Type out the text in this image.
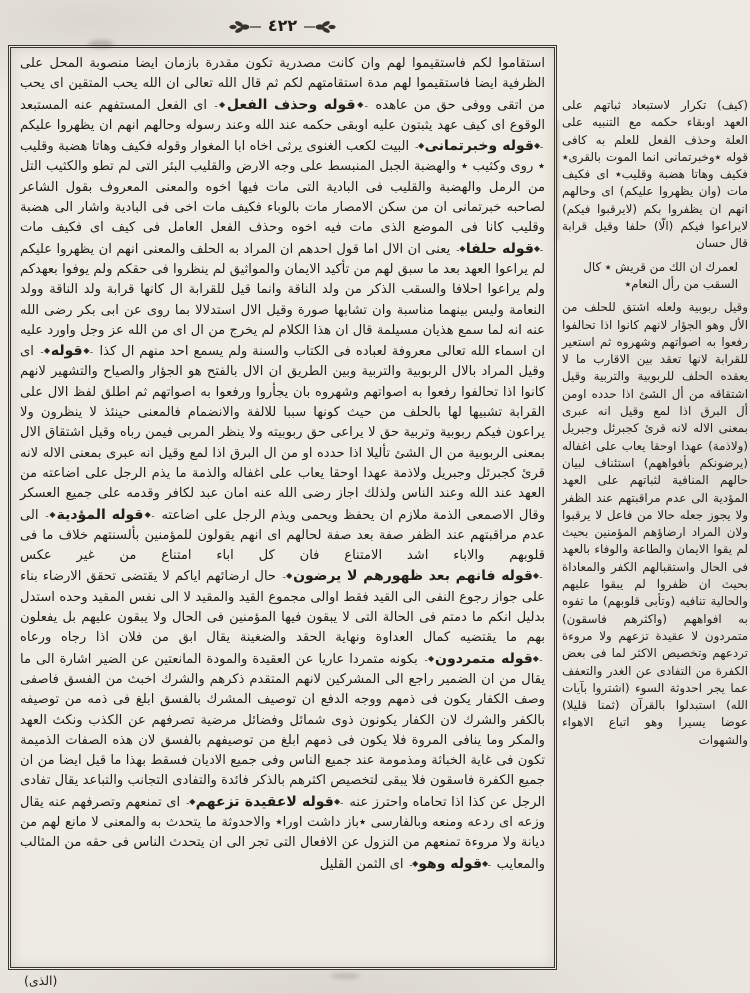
٤٢٢
استقاموا لكم فاستقيموا لهم وان كانت مصدرية تكون مقدرة بازمان ايضا منصوبة المحل على الظرفية ايضا فاستقيموا لهم مدة استقامتهم لكم ثم قال الله تعالى ان الله يحب المتقين اى يحب من اتقى ووفى حق من عاهده ـ◆قوله وحذف الفعل◆ـ اى الفعل المستفهم عنه المستبعد الوقوع اى كيف عهد يثبتون عليه اوبقى حكمه عند الله وعند رسوله وحالهم انهم ان يظهروا عليكم ـ◆قوله وخبرتمانى◆ـ البيت لكعب الغنوى يرثى اخاه ابا المغوار وقوله فكيف وهاتا هضبة وقليب ٭ روى وكثيب ٭ والهضبة الجبل المنبسط على وجه الارض والقليب البئر التى لم تطو والكثيب التل من الرمل والهضبة والقليب فى البادية التى مات فيها اخوه والمعنى المعروف بقول الشاعر لصاحبه خبرتمانى ان من سكن الامصار مات بالوباء فكيف مات اخى فى البادية واشار الى هضبة وقليب كانا فى الموضع الذى مات فيه اخوه وحذف الفعل العامل فى كيف اى فكيف مات ـ◆قوله حلفا◆ـ يعنى ان الال اما قول احدهم ان المراد به الحلف والمعنى انهم ان يظهروا عليكم لم يراعوا العهد بعد ما سبق لهم من تأكيد الايمان والمواثيق لم ينظروا فى حقكم ولم يوفوا بعهدكم ولم يراعوا احلافا والسقب الذكر من ولد الناقة وانما قيل للقرابة ال كانها قرابة ولد الناقة وولد النعامة وليس بينهما مناسبة وان تشابها صورة وقيل الال استدلالا بما روى عن ابى بكر رضى الله عنه انه لما سمع هذيان مسيلمة قال ان هذا الكلام لم يخرج من ال اى من الله عز وجل واورد عليه ان اسماء الله تعالى معروفة لعباده فى الكتاب والسنة ولم يسمع احد منهم ال كذا ـ◆قوله◆ـ اى وقيل المراد بالال الربوبية والتربية وبين الطريق ان الال بالفتح هو الجؤار والصياح والتشهير لانهم كانوا اذا تحالفوا رفعوا به اصواتهم وشهروه بان يجأروا ورفعوا به اصواتهم ثم اطلق لفظ الال على القرابة تشبيها لها بالحلف من حيث كونها سببا للالفة والانضمام فالمعنى حينئذ لا ينظرون ولا يراعون فيكم ربوبية وتربية حق لا يراعى حق ربوبيته ولا ينظر المربى فيمن رباه وقيل اشتقاق الال بمعنى الربوبية من ال الشئ تأليلا اذا حدده او من ال البرق اذا لمع وقيل انه عبرى بمعنى الاله لانه قرئ كجبرئل وجبريل ولاذمة عهدا اوحقا يعاب على اغفاله والذمة ما يذم الرجل على اضاعته من العهد عند الله وعند الناس ولذلك اجاز رضى الله عنه امان عبد لكافر وقدمه على جميع العسكر وقال الاصمعى الذمة ملازم ان يحفظ ويحمى ويذم الرجل على اضاعته ـ◆قوله المؤدية◆ـ الى عدم مراقبتهم عند الظفر صفة بعد صفة لحالهم اى انهم يقولون للمؤمنين بألسنتهم خلاف ما فى قلوبهم والاباء اشد الامتناع فان كل اباء امتناع من غير عكس ـ◆قوله فانهم بعد ظهورهم لا يرضون◆ـ حال ارضائهم اياكم لا يقتضى تحقق الارضاء بناء على جواز رجوع النفى الى القيد فقط اوالى مجموع القيد والمقيد لا الى نفس المقيد وحده استدل بدليل انكم ما دمتم فى الحالة التى لا يبقون فيها المؤمنين فى الحال ولا يبقون عليهم بل يفعلون بهم ما يقتضيه كمال العداوة ونهاية الحقد والضغينة يقال ابق من فلان اذا رجاه ورعاه ـ◆قوله متمردون◆ـ بكونه متمردا عاريا عن العقيدة والمودة المانعتين عن الضير اشارة الى ما يقال من ان الضمير راجع الى المشركين لانهم المتقدم ذكرهم والشرك اخبث من الفسق فاصفى وصف الكفار يكون فى ذمهم ووجه الدفع ان توصيف المشرك بالفسق ابلغ فى ذمه من توصيفه بالكفر والشرك لان الكفار يكونون ذوى شمائل وفضائل مرضية تصرفهم عن الكذب ونكث العهد والمكر وما ينافى المروة فلا يكون فى ذمهم ابلغ من توصيفهم بالفسق لان هذه الصفات الذميمة تكون فى غاية الخباثة ومذمومة عند جميع الناس وفى جميع الاديان فسقط بهذا ما قيل ايضا من ان جميع الكفرة فاسقون فلا يبقى لتخصيص اكثرهم بالذكر فائدة والتفادى التجانب والتباعد يقال تفادى الرجل عن كذا اذا تحاماه واحترز عنه ـ◆قوله لاعقيدة تزعهم◆ـ اى تمنعهم وتصرفهم عنه يقال وزعه اى ردعه ومنعه وبالفارسى ٭باز داشت اورا٭ والاحدوثة ما يتحدث به والمعنى لا مانع لهم من ديانة ولا مروءة تمنعهم من النزول عن الافعال التى تجر الى ان يتحدث الناس فى حقه من المثالب والمعايب ـ◆قوله وهو◆ـ اى الثمن القليل
(كيف) تكرار لاستبعاد ثباتهم على العهد اوبقاء حكمه مع التنبيه على العلة وحذف الفعل للعلم به كافى قوله ٭وخبرتمانى انما الموت بالقرى٭ فكيف وهاتا هضبة وقليب٭ اى فكيف مات (وان يظهروا عليكم) اى وحالهم انهم ان يظفروا بكم (لايرقبوا فيكم) لايراعوا فيكم (الّا) حلفا وقيل قرابة قال حسان
لعمرك ان الك من قريش ٭ كال السقب من رأل النعام٭
وقيل ربوبية ولعله اشتق للحلف من الأل وهو الجؤار لانهم كانوا اذا تحالفوا رفعوا به اصواتهم وشهروه ثم استعير للقرابة لانها تعقد بين الاقارب ما لا يعقده الحلف للربوبية والتربية وقيل اشتقاقه من أل الشئ اذا حدده اومن أل البرق اذا لمع وقيل انه عبرى بمعنى الاله لانه قرئ كجبرئل وجبريل (ولاذمة) عهدا اوحقا يعاب على اغفاله (يرضونكم بأفواههم) استئناف لبيان حالهم المنافية لثباتهم على العهد المؤدية الى عدم مراقبتهم عند الظفر ولا يجوز جعله حالا من فاعل لا يرقبوا ولان المراد ارضاؤهم المؤمنين بحيث لم يقوا الايمان والطاعة والوفاء بالعهد فى الحال واستقبالهم الكفر والمعاداة بحيث ان ظفروا لم يبقوا عليهم والحالية تنافيه (وتأبى قلوبهم) ما تفوه به افواههم (واكثرهم فاسقون) متمردون لا عقيدة تزعهم ولا مروءة تردعهم وتخصيص الاكثر لما فى بعض الكفرة من التفادى عن الغدر والتعفف عما يجر احدوثة السوء (اشتروا بآيات الله) استبدلوا بالقرآن (ثمنا قليلا) عوضا يسيرا وهو اتباع الاهواء والشهوات
(الذى)
